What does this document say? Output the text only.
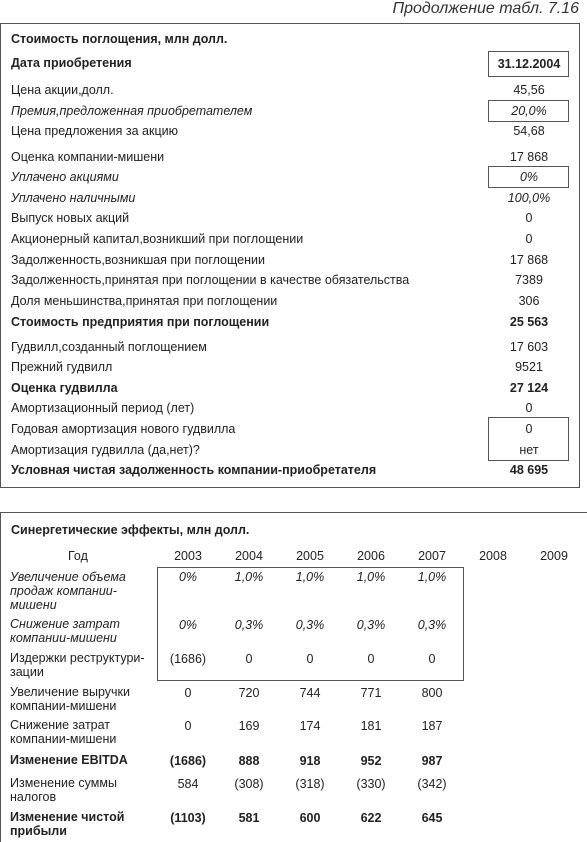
Продолжение табл. 7.16
Стоимость поглощения, млн долл.
Дата приобретения	31.12.2004
Цена акции,долл.	45,56
Премия,предложенная приобретателем	20,0%
Цена предложения за акцию	54,68
Оценка компании-мишени	17 868
Уплачено акциями	0%
Уплачено наличными	100,0%
Выпуск новых акций	0
Акционерный капитал,возникший при поглощении	0
Задолженность,возникшая при поглощении	17 868
Задолженность,принятая при поглощении в качестве обязательства	7389
Доля меньшинства,принятая при поглощении	306
Стоимость предприятия при поглощении	25 563
Гудвилл,созданный поглощением	17 603
Прежний гудвилл	9521
Оценка гудвилла	27 124
Амортизационный период (лет)	0
Годовая амортизация нового гудвилла	0
Амортизация гудвилла (да,нет)?	нет
Условная чистая задолженность компании-приобретателя	48 695
Синергетические эффекты, млн долл.
Год	2003	2004	2005	2006	2007	2008	2009
Увеличение объема
продаж компании-
мишени
0%	1,0%	1,0%	1,0%	1,0%
Снижение затрат
компании-мишени
0%	0,3%	0,3%	0,3%	0,3%
Издержки реструктури-
зации
(1686)	0	0	0	0
Увеличение выручки
компании-мишени
0	720	744	771	800
Снижение затрат
компании-мишени
0	169	174	181	187
Изменение EBITDA	(1686)	888	918	952	987
Изменение суммы
налогов
584	(308)	(318)	(330)	(342)
Изменение чистой
прибыли
(1103)	581	600	622	645
